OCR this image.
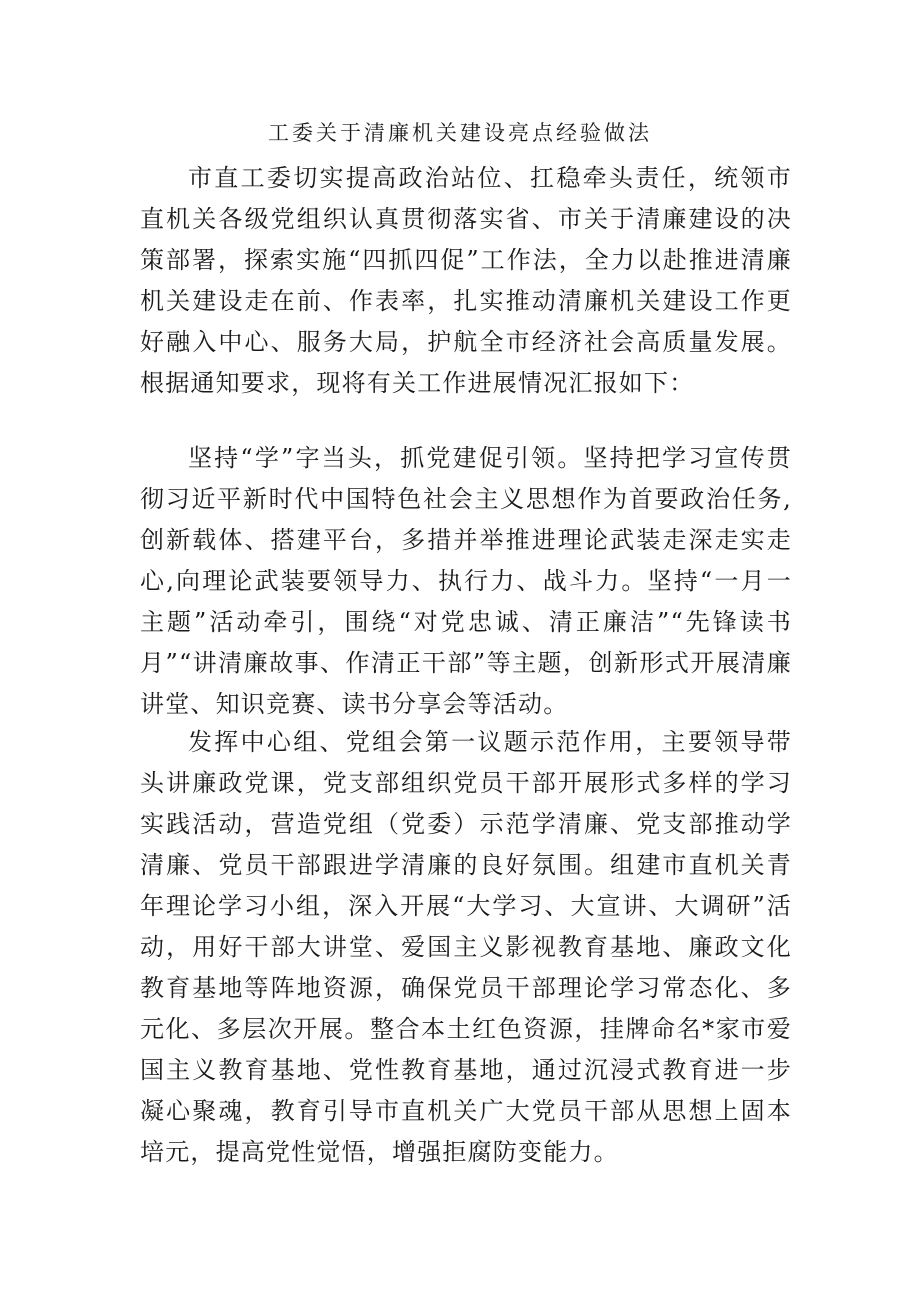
工委关于清廉机关建设亮点经验做法

市直工委切实提高政治站位、扛稳牵头责任，统领市直机关各级党组织认真贯彻落实省、市关于清廉建设的决策部署，探索实施“四抓四促”工作法，全力以赴推进清廉机关建设走在前、作表率，扎实推动清廉机关建设工作更好融入中心、服务大局，护航全市经济社会高质量发展。根据通知要求，现将有关工作进展情况汇报如下：

坚持“学”字当头，抓党建促引领。坚持把学习宣传贯彻习近平新时代中国特色社会主义思想作为首要政治任务,创新载体、搭建平台，多措并举推进理论武装走深走实走心,向理论武装要领导力、执行力、战斗力。坚持“一月一主题”活动牵引，围绕“对党忠诚、清正廉洁”“先锋读书月”“讲清廉故事、作清正干部”等主题，创新形式开展清廉讲堂、知识竞赛、读书分享会等活动。

发挥中心组、党组会第一议题示范作用，主要领导带头讲廉政党课，党支部组织党员干部开展形式多样的学习实践活动，营造党组（党委）示范学清廉、党支部推动学清廉、党员干部跟进学清廉的良好氛围。组建市直机关青年理论学习小组，深入开展“大学习、大宣讲、大调研”活动，用好干部大讲堂、爱国主义影视教育基地、廉政文化教育基地等阵地资源，确保党员干部理论学习常态化、多元化、多层次开展。整合本土红色资源，挂牌命名*家市爱国主义教育基地、党性教育基地，通过沉浸式教育进一步凝心聚魂，教育引导市直机关广大党员干部从思想上固本培元，提高党性觉悟，增强拒腐防变能力。
